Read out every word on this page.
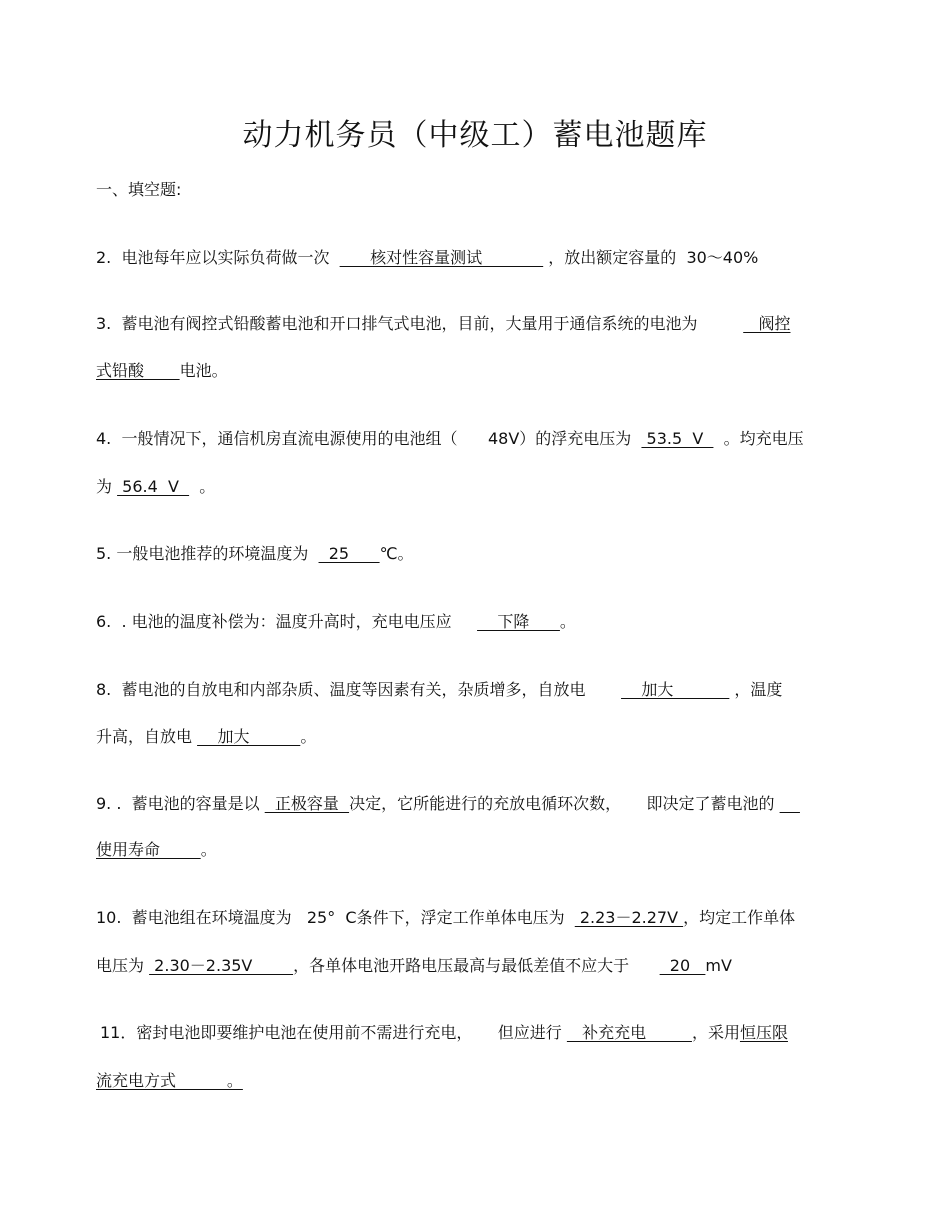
动力机务员（中级工）蓄电池题库
一、填空题:
2.  电池每年应以实际负荷做一次        核对性容量测试             ，放出额定容量的  30～40%
3.  蓄电池有阀控式铅酸蓄电池和开口排气式电池，目前，大量用于通信系统的电池为            阀控
式铅酸       电池。
4.  一般情况下，通信机房直流电源使用的电池组（      48V）的浮充电压为   53.5  V    。均充电压
为  56.4  V    。
5. 一般电池推荐的环境温度为    25      ℃。
6.  . 电池的温度补偿为：温度升高时，充电电压应         下降      。
8.  蓄电池的自放电和内部杂质、温度等因素有关，杂质增多，自放电           加大            ，温度
升高，自放电     加大          。
9. .  蓄电池的容量是以   正极容量  决定，它所能进行的充放电循环次数，     即决定了蓄电池的
使用寿命        。
10.  蓄电池组在环境温度为   25°  C条件下，浮定工作单体电压为   2.23－2.27V ，均定工作单体
电压为  2.30－2.35V        ，各单体电池开路电压最高与最低差值不应大于        20   mV
11．密封电池即要维护电池在使用前不需进行充电，     但应进行    补充充电         ，采用恒压限
流充电方式          。
